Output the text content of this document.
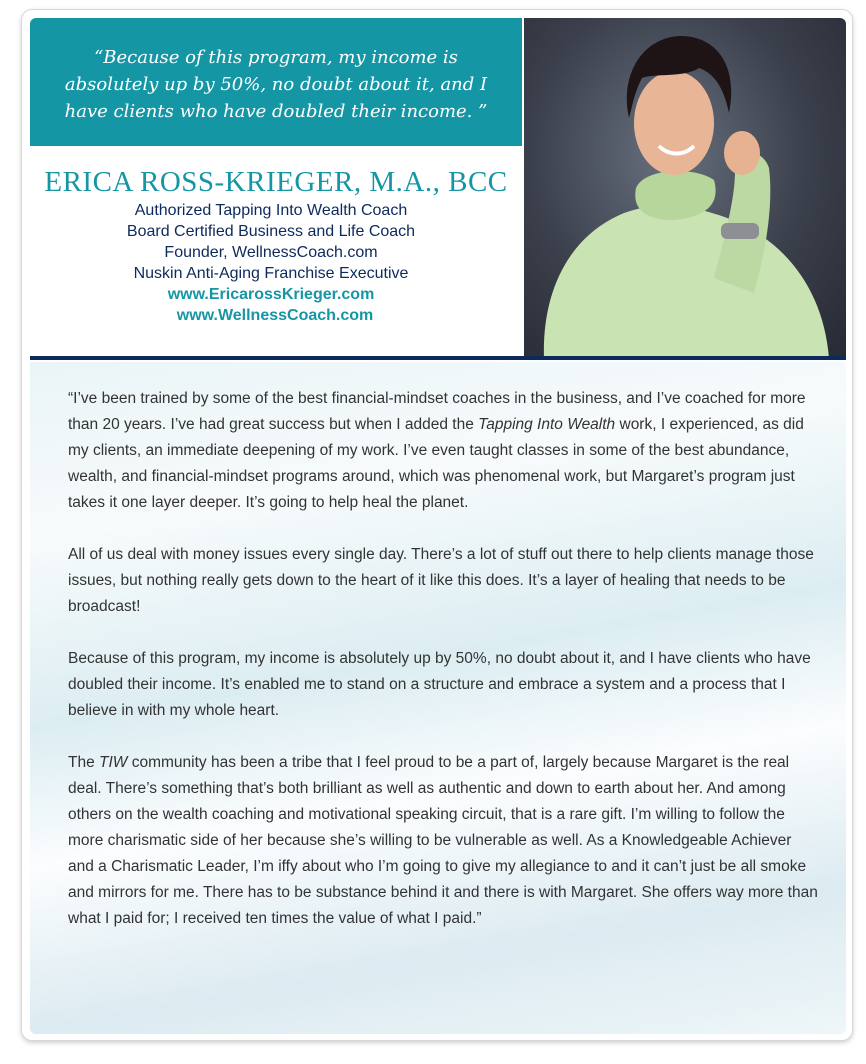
“Because of this program, my income is absolutely up by 50%, no doubt about it, and I have clients who have doubled their income. ”
ERICA ROSS-KRIEGER, M.A., BCC
Authorized Tapping Into Wealth Coach
Board Certified Business and Life Coach
Founder, WellnessCoach.com
Nuskin Anti-Aging Franchise Executive
www.EricarossKrieger.com
www.WellnessCoach.com

“I’ve been trained by some of the best financial-mindset coaches in the business, and I’ve coached for more than 20 years. I’ve had great success but when I added the Tapping Into Wealth work, I experienced, as did my clients, an immediate deepening of my work. I’ve even taught classes in some of the best abundance, wealth, and financial-mindset programs around, which was phenomenal work, but Margaret’s program just takes it one layer deeper. It’s going to help heal the planet.

All of us deal with money issues every single day. There’s a lot of stuff out there to help clients manage those issues, but nothing really gets down to the heart of it like this does. It’s a layer of healing that needs to be broadcast!

Because of this program, my income is absolutely up by 50%, no doubt about it, and I have clients who have doubled their income. It’s enabled me to stand on a structure and embrace a system and a process that I believe in with my whole heart.

The TIW community has been a tribe that I feel proud to be a part of, largely because Margaret is the real deal. There’s something that’s both brilliant as well as authentic and down to earth about her. And among others on the wealth coaching and motivational speaking circuit, that is a rare gift. I’m willing to follow the more charismatic side of her because she’s willing to be vulnerable as well. As a Knowledgeable Achiever and a Charismatic Leader, I’m iffy about who I’m going to give my allegiance to and it can’t just be all smoke and mirrors for me. There has to be substance behind it and there is with Margaret. She offers way more than what I paid for; I received ten times the value of what I paid.”
